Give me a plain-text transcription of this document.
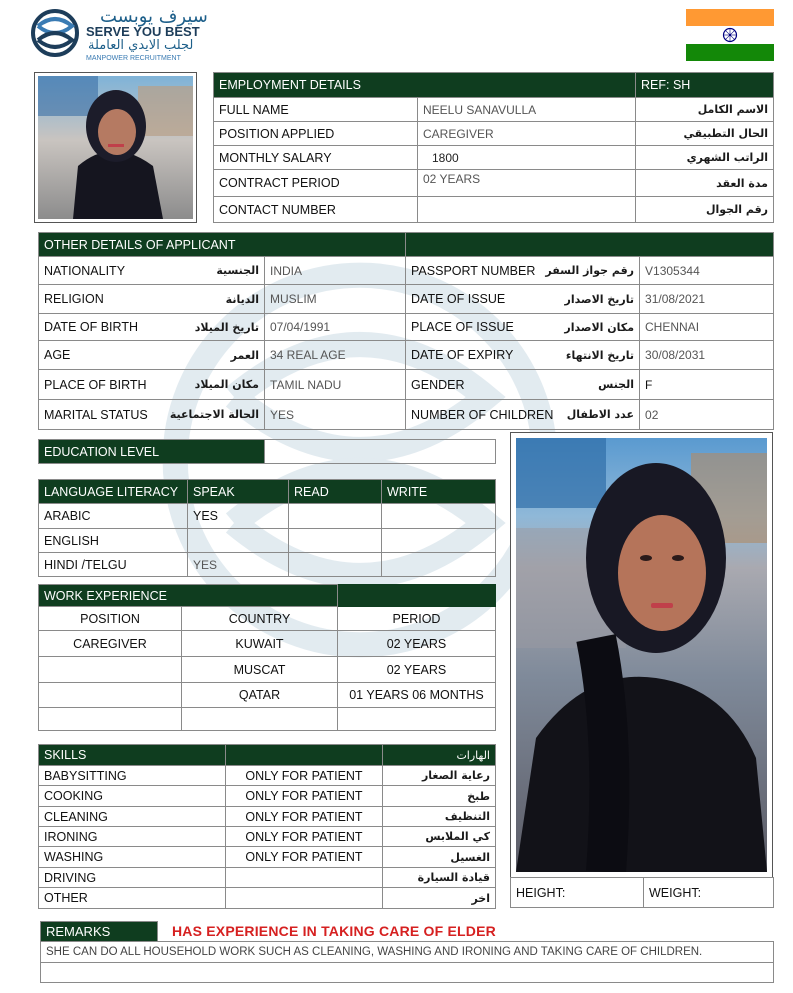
سيرف يوبست
SERVE YOU BEST
لجلب الايدي العاملة
MANPOWER RECRUITMENT
EMPLOYMENT DETAILS		REF: SH
FULL NAME	NEELU SANAVULLA	الاسم الكامل
POSITION APPLIED	CAREGIVER	الحال التطبيقي
MONTHLY SALARY	1800	الراتب الشهري
CONTRACT PERIOD	02 YEARS	مدة العقد
CONTACT NUMBER		رقم الجوال
OTHER DETAILS OF APPLICANT			

NATIONALITY الجنسية	INDIA	PASSPORT NUMBER رقم جواز السفر	V1305344

RELIGION الديانة	MUSLIM	DATE OF ISSUE تاريخ الاصدار	31/08/2021

DATE OF BIRTH تاريخ الميلاد	07/04/1991	PLACE OF ISSUE مكان الاصدار	CHENNAI

AGE العمر	34 REAL AGE	DATE OF EXPIRY تاريخ الانتهاء	30/08/2031

PLACE OF BIRTH مكان الميلاد	TAMIL NADU	GENDER الجنس	F

MARITAL STATUS الحالة الاجتماعية	YES	NUMBER OF CHILDREN عدد الاطفال	02
EDUCATION LEVEL	
LANGUAGE LITERACY	SPEAK	READ	WRITE
ARABIC	YES		
ENGLISH			
HINDI /TELGU	YES		
WORK EXPERIENCE		
POSITION	COUNTRY	PERIOD
CAREGIVER	KUWAIT	02 YEARS
	MUSCAT	02 YEARS
	QATAR	01 YEARS 06 MONTHS

SKILLS		الهارات
BABYSITTING	ONLY FOR PATIENT	رعاية الصغار
COOKING	ONLY FOR PATIENT	طبخ
CLEANING	ONLY FOR PATIENT	التنظيف
IRONING	ONLY FOR PATIENT	كي الملابس
WASHING	ONLY FOR PATIENT	الغسيل
DRIVING		قيادة السيارة
OTHER		اخر HEIGHT:	WEIGHT:
REMARKS	HAS EXPERIENCE IN TAKING CARE OF ELDER
SHE CAN DO ALL HOUSEHOLD WORK SUCH AS CLEANING, WASHING AND IRONING AND TAKING CARE OF CHILDREN.
